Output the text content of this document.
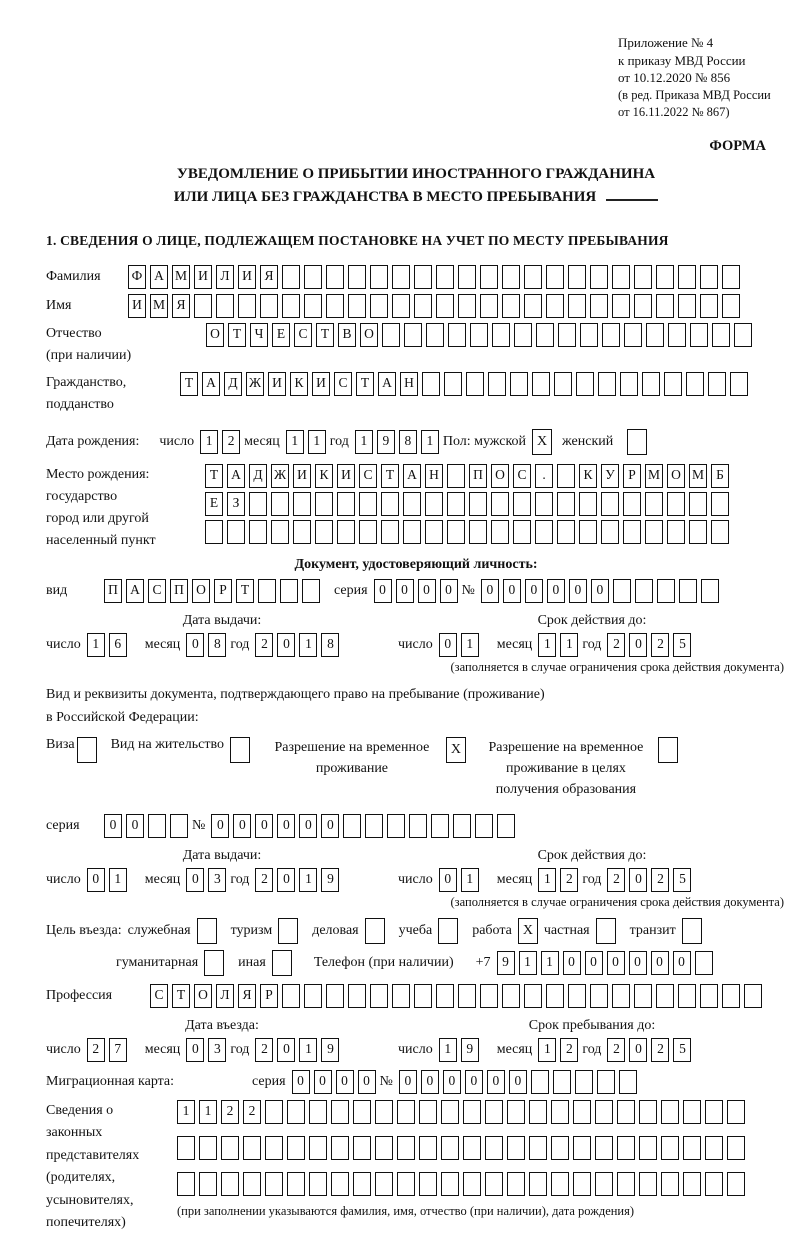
Приложение № 4
к приказу МВД России
от 10.12.2020 № 856
(в ред. Приказа МВД России
от 16.11.2022 № 867)
ФОРМА
УВЕДОМЛЕНИЕ О ПРИБЫТИИ ИНОСТРАННОГО ГРАЖДАНИНА
ИЛИ ЛИЦА БЕЗ ГРАЖДАНСТВА В МЕСТО ПРЕБЫВАНИЯ
1. СВЕДЕНИЯ О ЛИЦЕ, ПОДЛЕЖАЩЕМ ПОСТАНОВКЕ НА УЧЕТ ПО МЕСТУ ПРЕБЫВАНИЯ
Фамилия	Ф А М И Л И Я
Имя	И М Я
Отчество
(при наличии)
О Т Ч Е С Т В О
Гражданство,
подданство
Т А Д Ж И К И С Т А Н
Дата рождения: число 1	2 месяц 1	1 год 1	9	8	1 Пол: мужской X	женский
Место рождения:
государство
город или другой
населенный пункт
Т А Д Ж И К И С Т А Н	П О С	.	К У Р М О М Б
Е	З
Документ, удостоверяющий личность:
вид	П А С П О Р	Т	серия 0	0	0	0 № 0	0	0	0	0	0
Дата выдачи:
число 1	6	месяц 0	8 год 2	0	1	8
Срок действия до:
число 0	1	месяц 1	1 год 2	0	2	5
(заполняется в случае ограничения срока действия документа)
Вид и реквизиты документа, подтверждающего право на пребывание (проживание)
в Российской Федерации:
Виза	Вид на жительство	Разрешение на временное проживание
X	Разрешение на временное проживание в целях получения образования
серия	0	0	№ 0	0	0	0	0	0
Дата выдачи:
число 0	1	месяц 0	3 год 2	0	1	9
Срок действия до:
число 0	1	месяц 1	2 год 2	0	2	5
(заполняется в случае ограничения срока действия документа)
Цель въезда: служебная	туризм	деловая	учеба	работа X частная	транзит
гуманитарная	иная	Телефон (при наличии) +7 9	1	1	0	0	0	0	0	0
Профессия	С Т О Л Я	Р
Дата въезда:
число 2	7	месяц 0	3 год 2	0	1	9
Срок пребывания до:
число 1	9	месяц 1	2 год 2	0	2	5
Миграционная карта:	серия 0	0	0	0 № 0	0	0	0	0	0
Сведения о
законных
представителях
(родителях,
усыновителях,
попечителях)
1	1	2	2
(при заполнении указываются фамилия, имя, отчество (при наличии), дата рождения)
